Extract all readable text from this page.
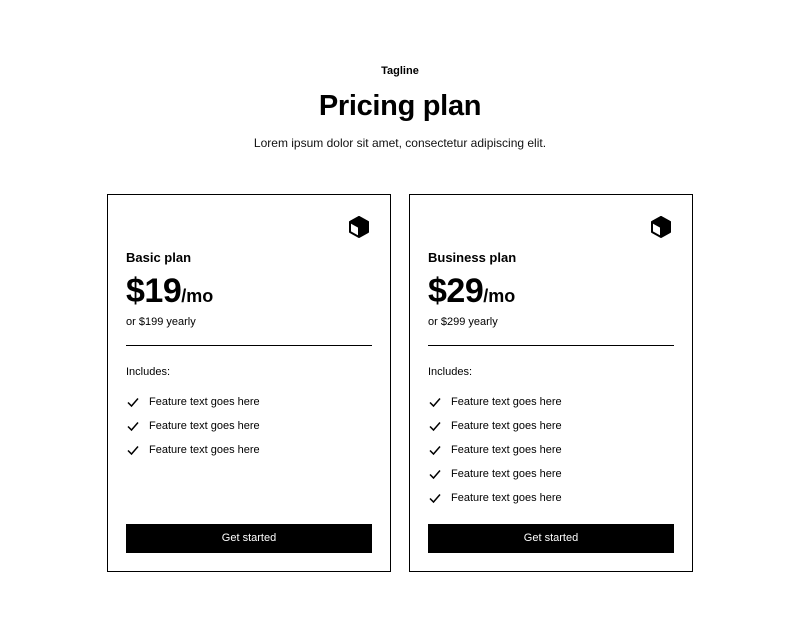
Tagline
Pricing plan

Lorem ipsum dolor sit amet, consectetur adipiscing elit.

Basic plan
$19/mo
or $199 yearly
Includes:
Feature text goes here
Feature text goes here
Feature text goes here
Get started
Business plan
$29/mo
or $299 yearly
Includes:
Feature text goes here
Feature text goes here
Feature text goes here
Feature text goes here
Feature text goes here
Get started
